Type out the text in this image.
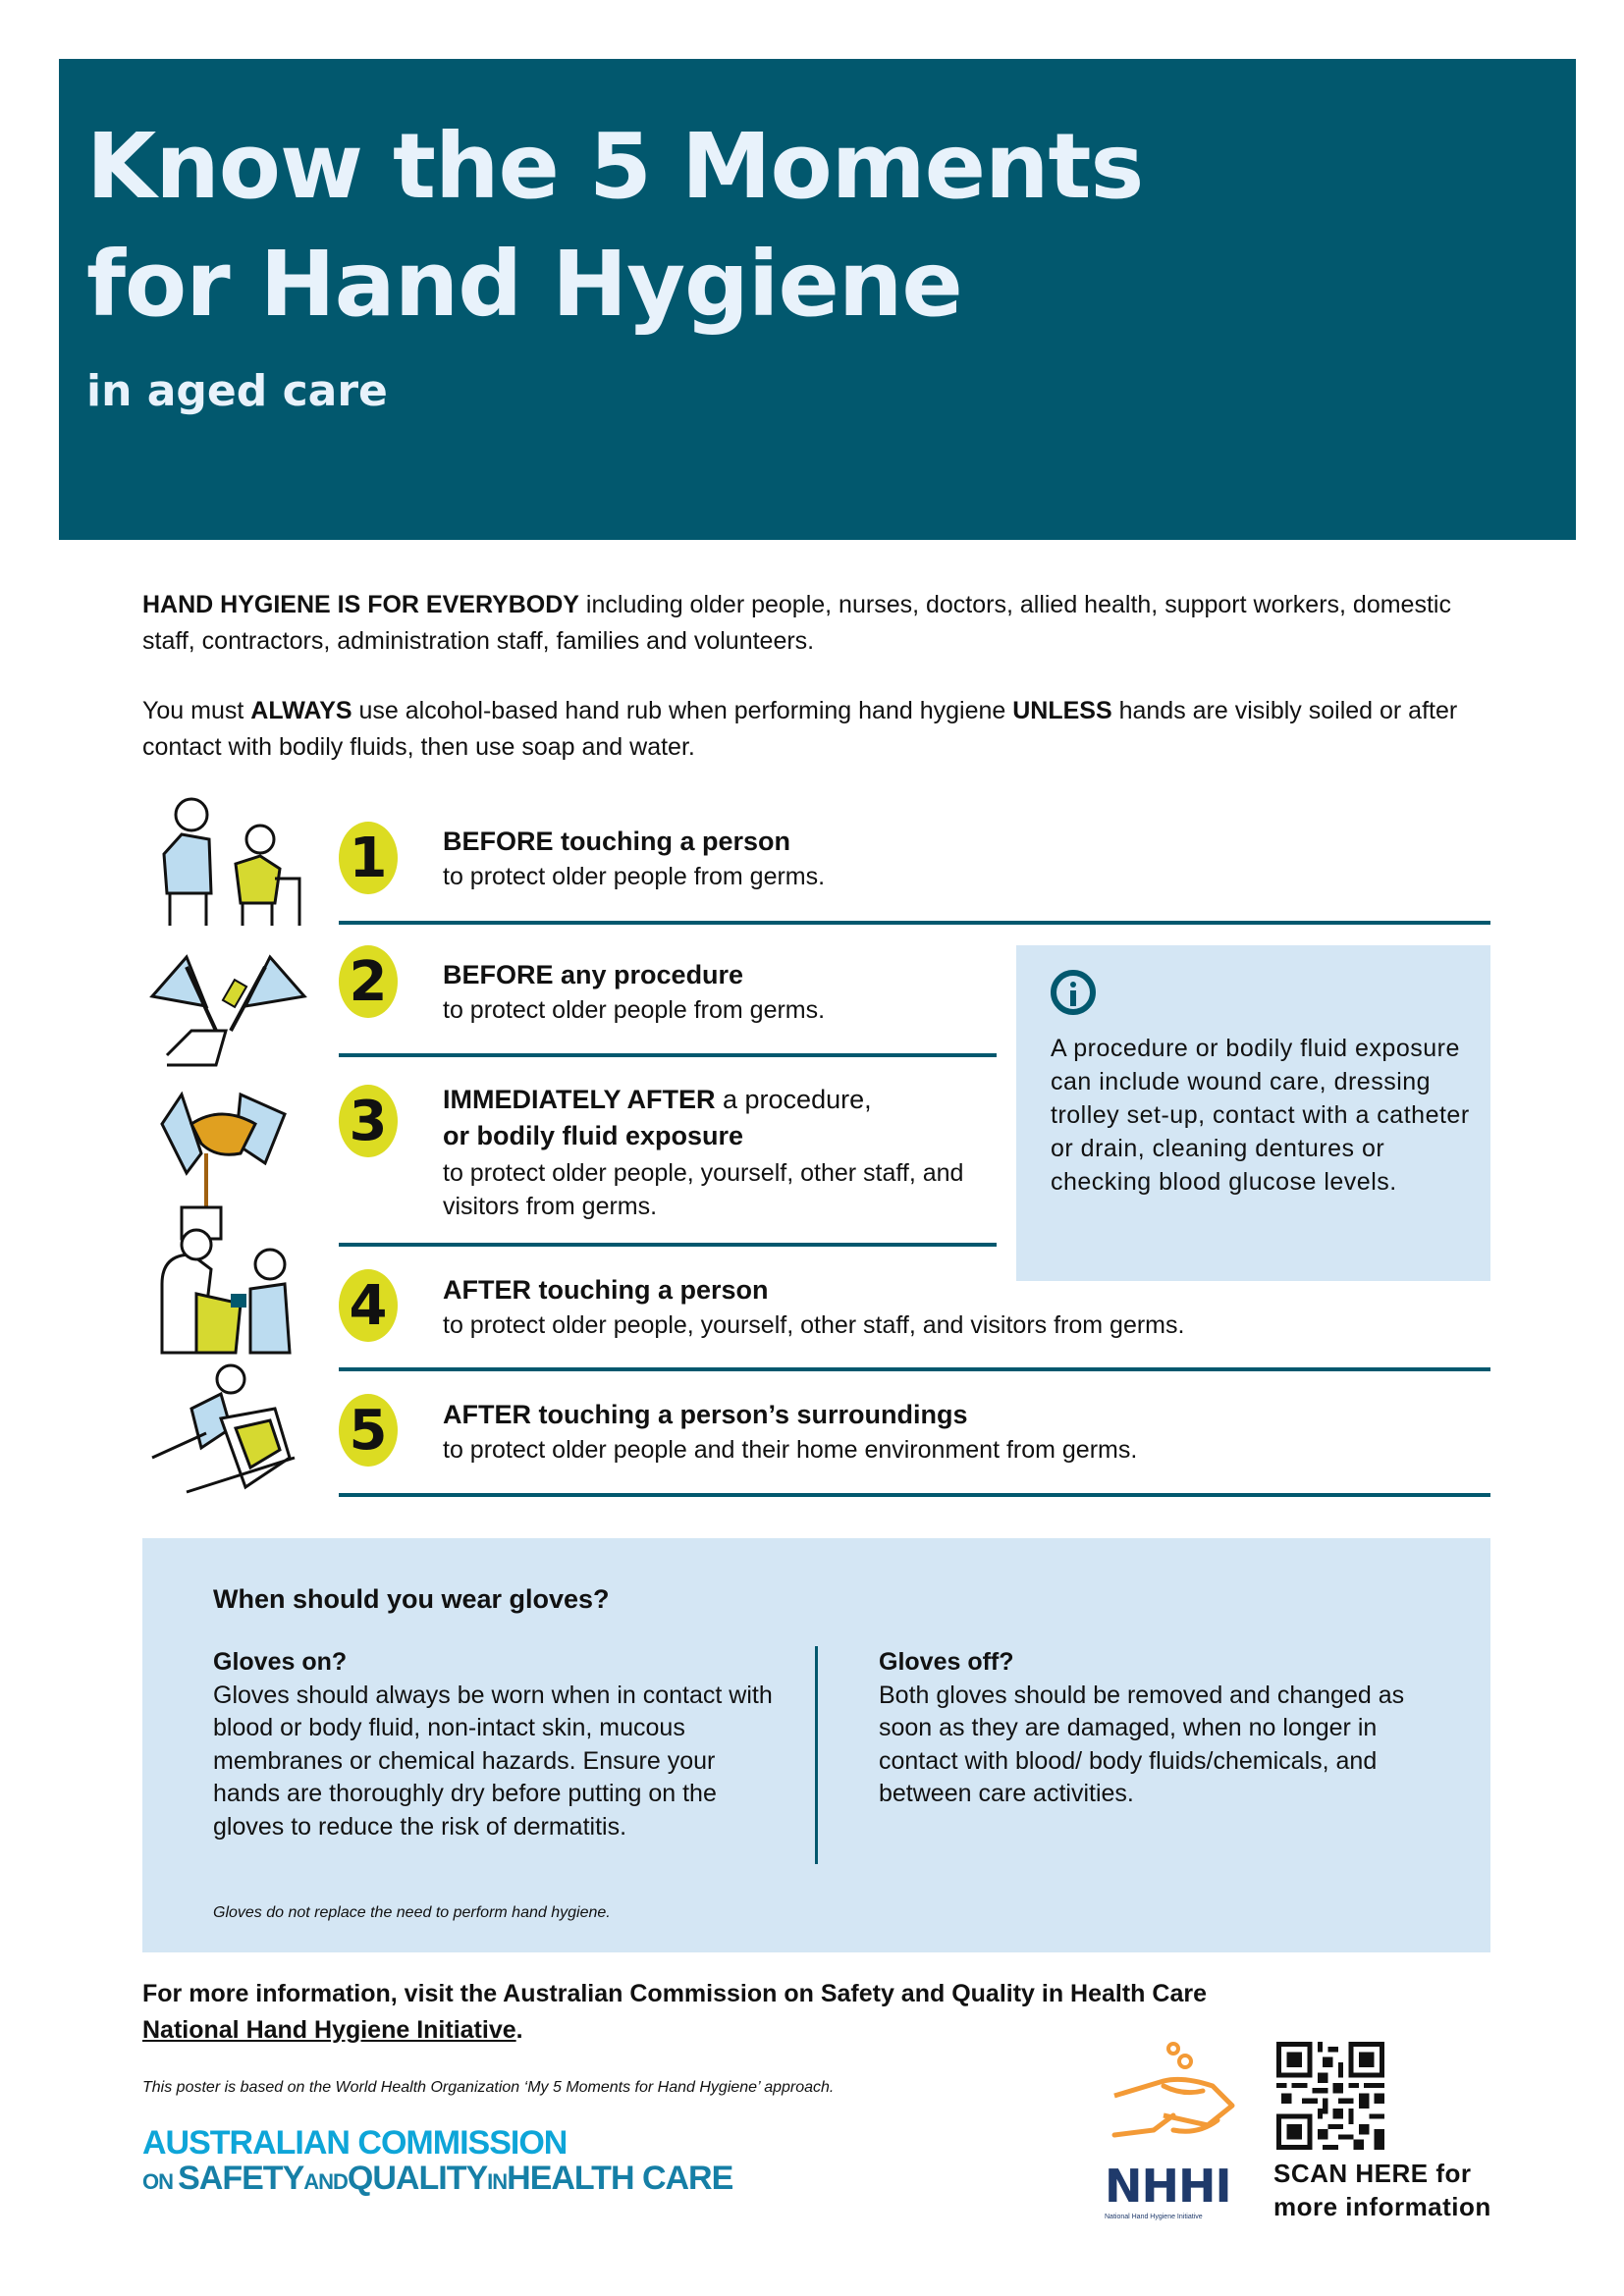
Know the 5 Moments
for Hand Hygiene
in aged care
HAND HYGIENE IS FOR EVERYBODY including older people, nurses, doctors, allied health, support workers, domestic staff, contractors, administration staff, families and volunteers.
You must ALWAYS use alcohol-based hand rub when performing hand hygiene UNLESS hands are visibly soiled or after contact with bodily fluids, then use soap and water.
1	BEFORE touching a person
to protect older people from germs.
2	BEFORE any procedure
to protect older people from germs.
3	IMMEDIATELY AFTER a procedure,
or bodily fluid exposure
to protect older people, yourself, other staff, and visitors from germs.
4	AFTER touching a person
to protect older people, yourself, other staff, and visitors from germs.
5	AFTER touching a person’s surroundings
to protect older people and their home environment from germs.
A procedure or bodily fluid exposure can include wound care, dressing trolley set-up, contact with a catheter or drain, cleaning dentures or checking blood glucose levels.
When should you wear gloves?
Gloves on?
Gloves should always be worn when in contact with blood or body fluid, non-intact skin, mucous membranes or chemical hazards. Ensure your hands are thoroughly dry before putting on the gloves to reduce the risk of dermatitis.
Gloves off?
Both gloves should be removed and changed as soon as they are damaged, when no longer in contact with blood/ body fluids/chemicals, and between care activities.
Gloves do not replace the need to perform hand hygiene.
For more information, visit the Australian Commission on Safety and Quality in Health Care
National Hand Hygiene Initiative.
This poster is based on the World Health Organization ‘My 5 Moments for Hand Hygiene’ approach.
AUSTRALIAN COMMISSION
ON SAFETYANDQUALITYINHEALTH CARE	NHHI
National Hand Hygiene Initiative
SCAN HERE for
more information
